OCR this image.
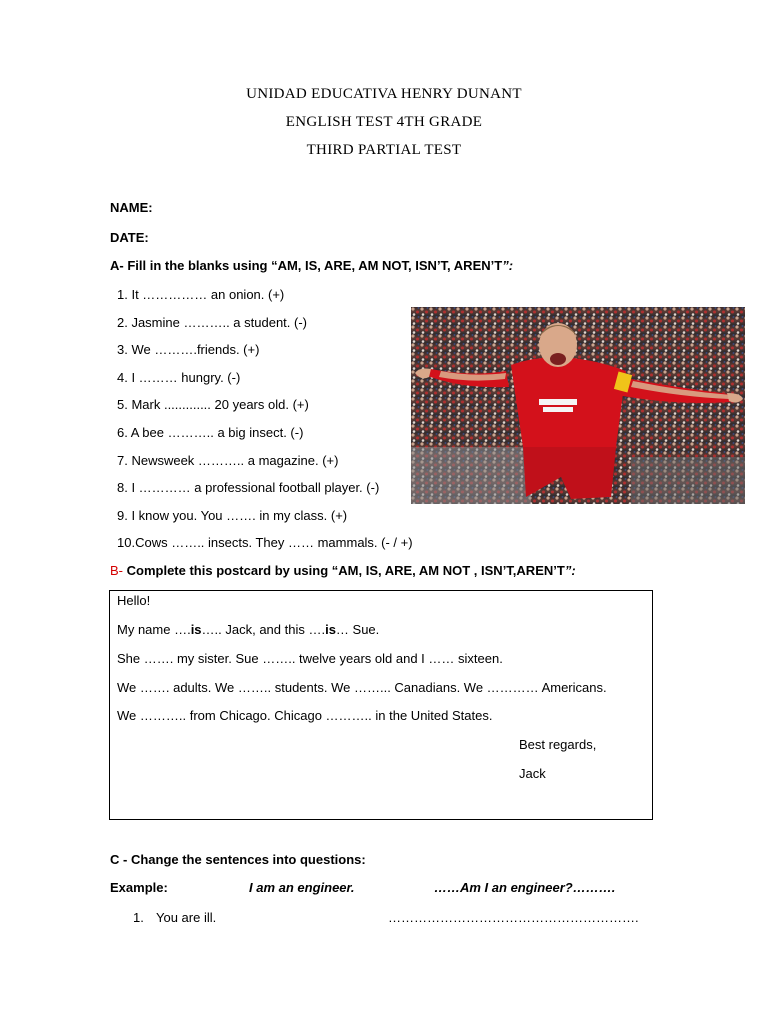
UNIDAD EDUCATIVA HENRY DUNANT
ENGLISH TEST 4TH GRADE
THIRD PARTIAL TEST
NAME:
DATE:
A- Fill in the blanks using “AM, IS, ARE, AM NOT, ISN’T, AREN’T”:
1. It …………… an onion. (+)
2. Jasmine ……….. a student. (-)
3. We ……….friends. (+)
4. I ……… hungry. (-)
5. Mark ............. 20 years old. (+)
6. A bee ……….. a big insect. (-)
7. Newsweek ……….. a magazine. (+)
8. I ………… a professional football player. (-)
9. I know you. You ……. in my class. (+)
10.Cows …….. insects. They …… mammals. (- / +)
B- Complete this postcard by using “AM, IS, ARE, AM NOT , ISN’T,AREN’T”:
Hello!
My name ….is….. Jack, and this ….is… Sue.
She ……. my sister. Sue …….. twelve years old and I …… sixteen.
We ……. adults. We …….. students. We ……... Canadians. We ………… Americans.
We ……….. from Chicago. Chicago ……….. in the United States.
Best regards,
Jack
C - Change the sentences into questions:
Example:	I am an engineer.	……Am I an engineer?……….
1. You are ill.	………………………………………………….
